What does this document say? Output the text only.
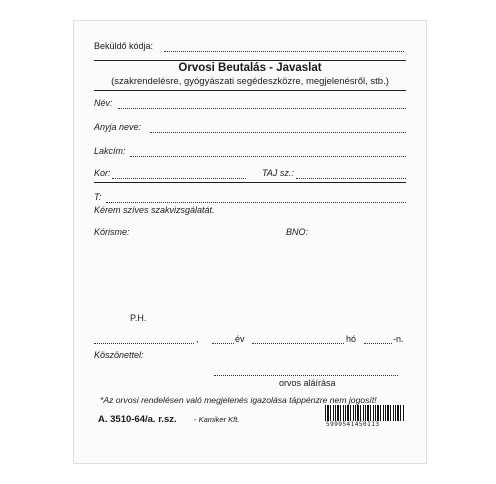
Beküldő kódja:
Orvosi Beutalás - Javaslat
(szakrendelésre, gyógyászati segédeszközre, megjelenésről, stb.)
Név:
Anyja neve:
Lakcím:
Kor:	TAJ sz.:
T:
Kérem szíves szakvizsgálatát.
Kórisme:	BNO:
P.H.
,	év	hó	-n.
Köszönettel:
orvos aláírása
*Az orvosi rendelésen való megjelenés igazolása táppénzre nem jogosít!
A. 3510-64/a. r.sz. - Kamiker Kft.
5999541450113
